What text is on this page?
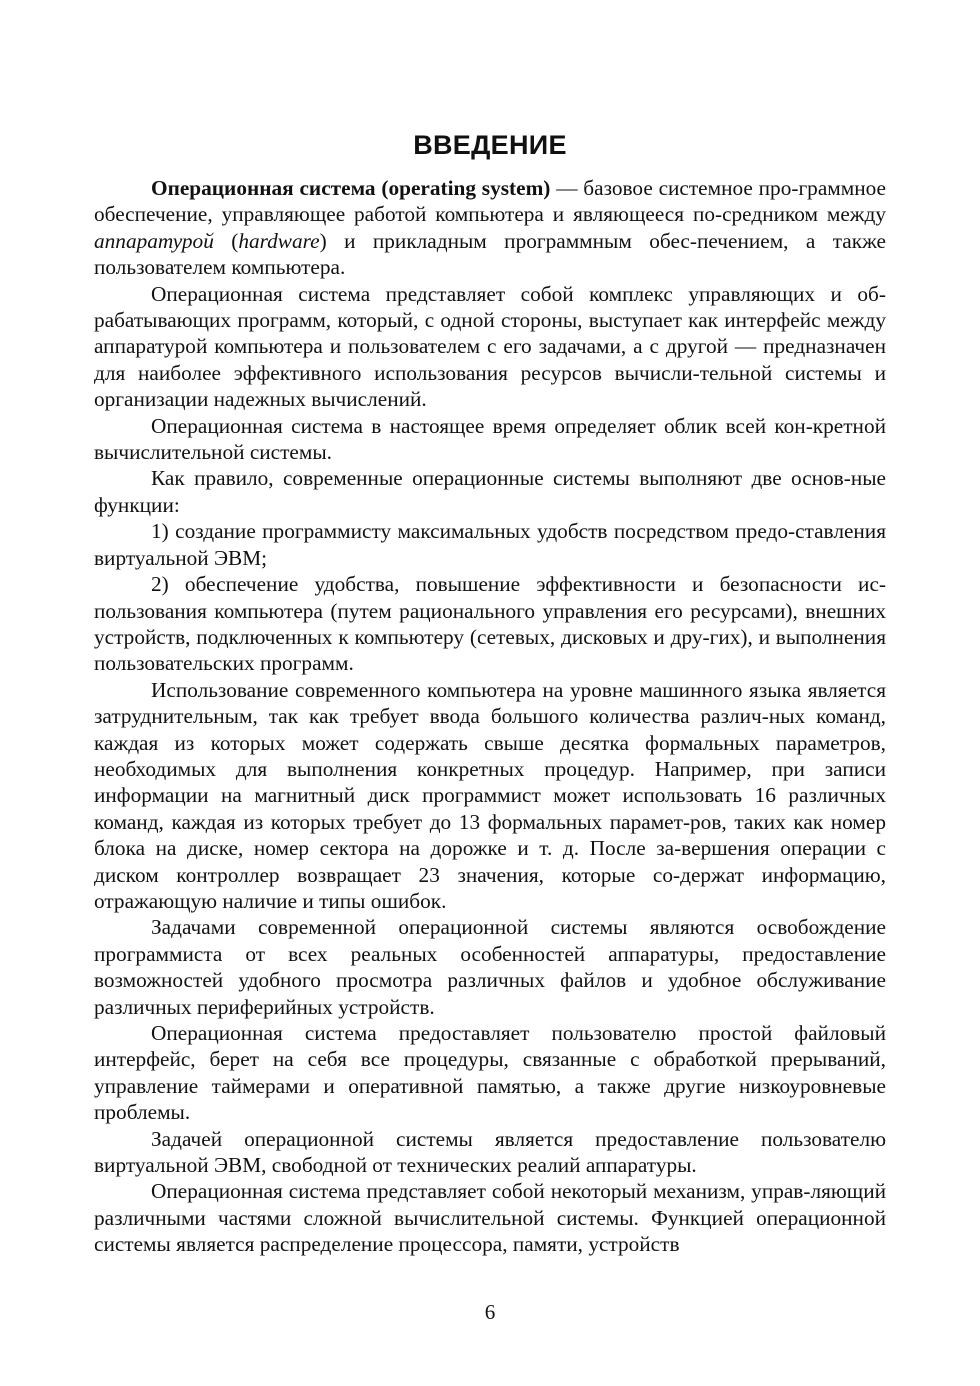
ВВЕДЕНИЕ

Операционная система (operating system) — базовое системное про-граммное обеспечение, управляющее работой компьютера и являющееся по-средником между аппаратурой (hardware) и прикладным программным обес-печением, а также пользователем компьютера.

Операционная система представляет собой комплекс управляющих и об-рабатывающих программ, который, с одной стороны, выступает как интерфейс между аппаратурой компьютера и пользователем с его задачами, а с другой — предназначен для наиболее эффективного использования ресурсов вычисли-тельной системы и организации надежных вычислений.

Операционная система в настоящее время определяет облик всей кон-кретной вычислительной системы.

Как правило, современные операционные системы выполняют две основ-ные функции:

1) создание программисту максимальных удобств посредством предо-ставления виртуальной ЭВМ;

2) обеспечение удобства, повышение эффективности и безопасности ис-пользования компьютера (путем рационального управления его ресурсами), внешних устройств, подключенных к компьютеру (сетевых, дисковых и дру-гих), и выполнения пользовательских программ.

Использование современного компьютера на уровне машинного языка является затруднительным, так как требует ввода большого количества различ-ных команд, каждая из которых может содержать свыше десятка формальных параметров, необходимых для выполнения конкретных процедур. Например, при записи информации на магнитный диск программист может использовать 16 различных команд, каждая из которых требует до 13 формальных парамет-ров, таких как номер блока на диске, номер сектора на дорожке и т. д. После за-вершения операции с диском контроллер возвращает 23 значения, которые со-держат информацию, отражающую наличие и типы ошибок.

Задачами современной операционной системы являются освобождение программиста от всех реальных особенностей аппаратуры, предоставление возможностей удобного просмотра различных файлов и удобное обслуживание различных периферийных устройств.

Операционная система предоставляет пользователю простой файловый интерфейс, берет на себя все процедуры, связанные с обработкой прерываний, управление таймерами и оперативной памятью, а также другие низкоуровневые проблемы.

Задачей операционной системы является предоставление пользователю виртуальной ЭВМ, свободной от технических реалий аппаратуры.

Операционная система представляет собой некоторый механизм, управ-ляющий различными частями сложной вычислительной системы. Функцией операционной системы является распределение процессора, памяти, устройств

6
